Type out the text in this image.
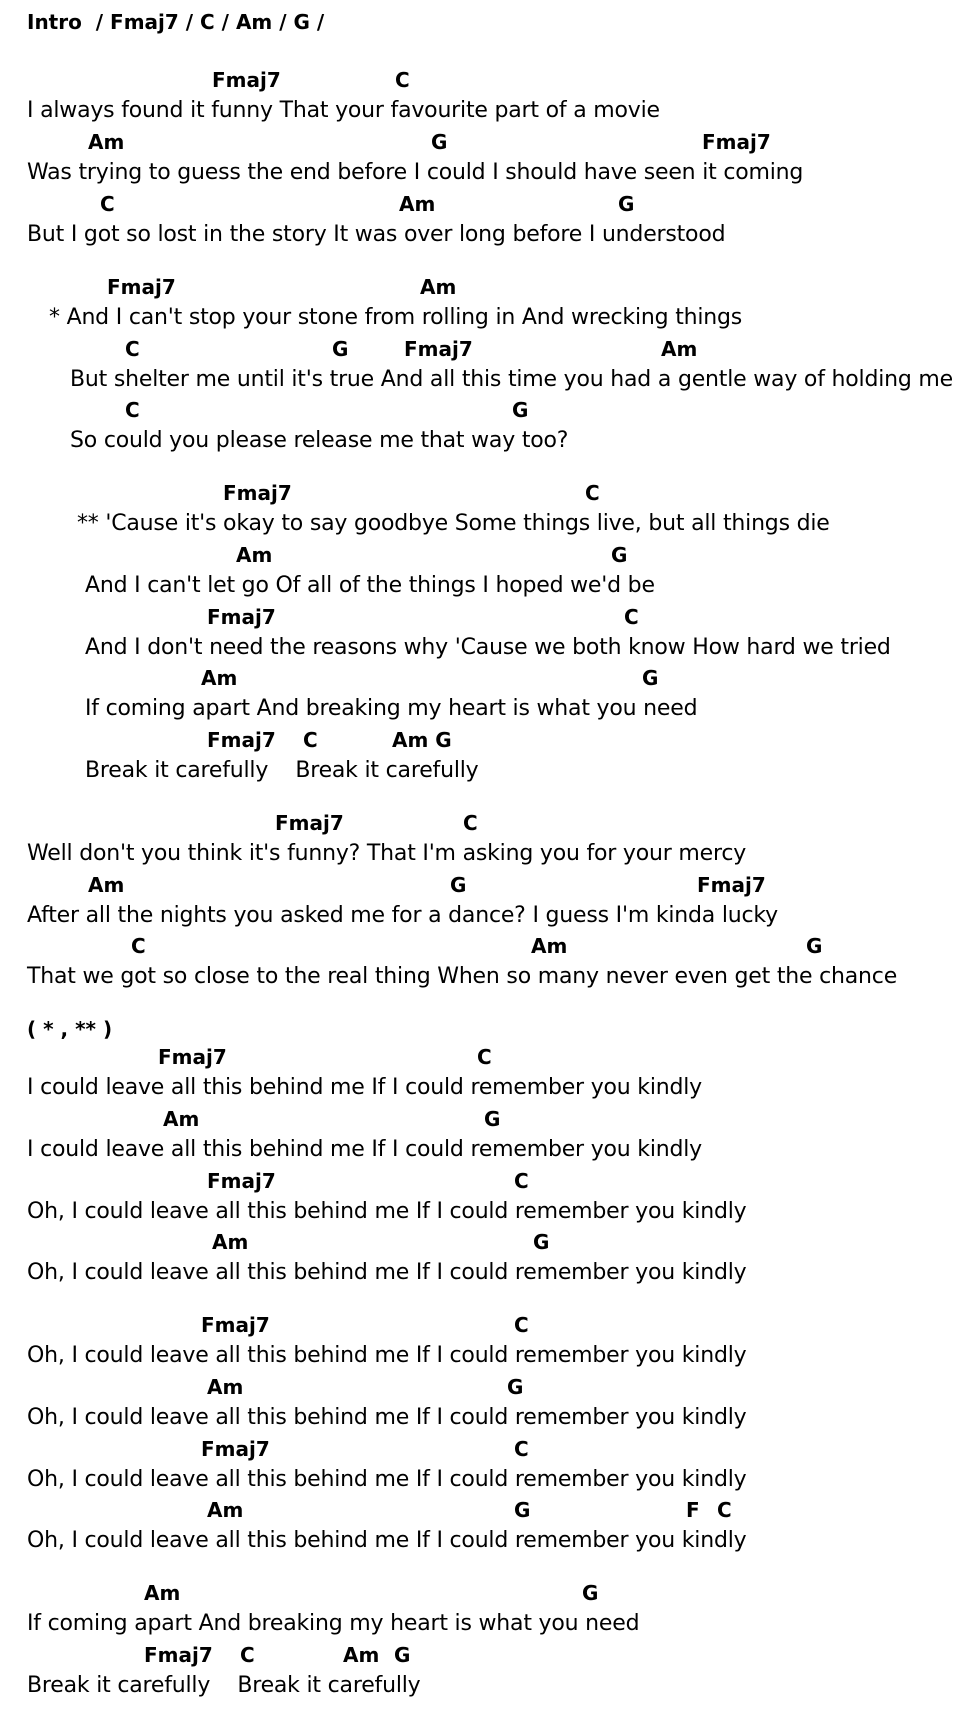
Intro  / Fmaj7 / C / Am / G /
Fmaj7	C
I always found it funny That your favourite part of a movie
Am	G	Fmaj7
Was trying to guess the end before I could I should have seen it coming
C	Am	G
But I got so lost in the story It was over long before I understood
Fmaj7	Am
* And I can't stop your stone from rolling in And wrecking things
C	G	Fmaj7	Am
But shelter me until it's true And all this time you had a gentle way of holding me
C	G
So could you please release me that way too?
Fmaj7	C
** 'Cause it's okay to say goodbye Some things live, but all things die
Am	G
And I can't let go Of all of the things I hoped we'd be
Fmaj7	C
And I don't need the reasons why 'Cause we both know How hard we tried
Am	G
If coming apart And breaking my heart is what you need
Fmaj7 C	Am G
Break it carefully    Break it carefully
Fmaj7	C
Well don't you think it's funny? That I'm asking you for your mercy
Am	G	Fmaj7
After all the nights you asked me for a dance? I guess I'm kinda lucky
C	Am	G
That we got so close to the real thing When so many never even get the chance
( * , ** )
Fmaj7	C
I could leave all this behind me If I could remember you kindly
Am	G
I could leave all this behind me If I could remember you kindly
Fmaj7	C
Oh, I could leave all this behind me If I could remember you kindly
Am	G
Oh, I could leave all this behind me If I could remember you kindly
Fmaj7	C
Oh, I could leave all this behind me If I could remember you kindly
Am	G
Oh, I could leave all this behind me If I could remember you kindly
Fmaj7	C
Oh, I could leave all this behind me If I could remember you kindly
Am	G	F C
Oh, I could leave all this behind me If I could remember you kindly
Am	G
If coming apart And breaking my heart is what you need
Fmaj7 C	Am G
Break it carefully    Break it carefully
